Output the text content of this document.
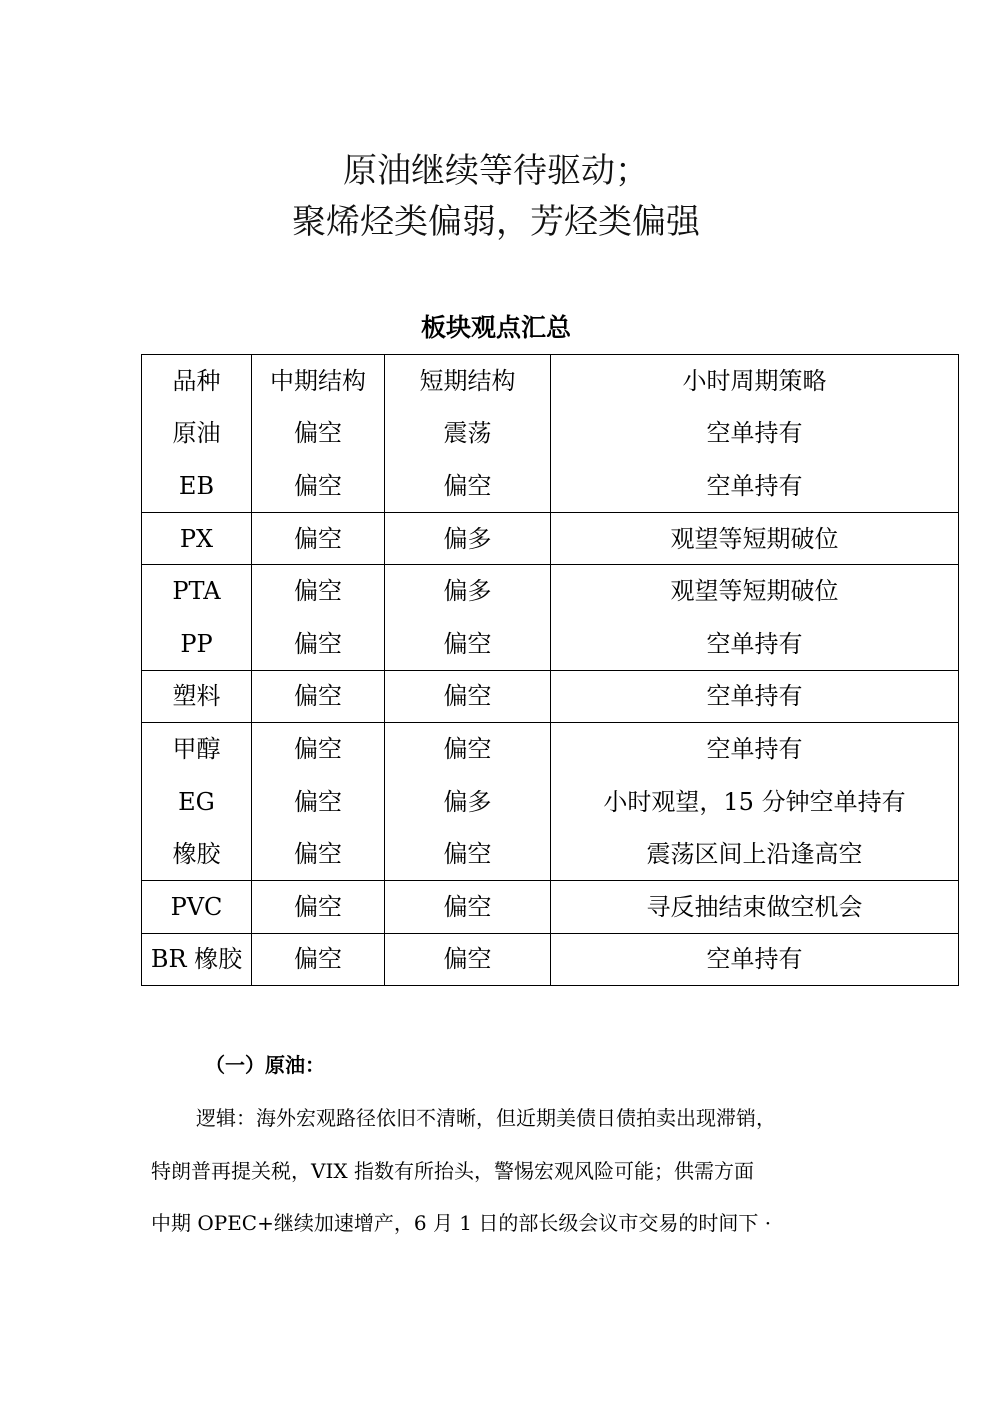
原油继续等待驱动；
聚烯烃类偏弱，芳烃类偏强
板块观点汇总
品种	中期结构	短期结构	小时周期策略
原油	偏空	震荡	空单持有
EB	偏空	偏空	空单持有
PX	偏空	偏多	观望等短期破位
PTA	偏空	偏多	观望等短期破位
PP	偏空	偏空	空单持有
塑料	偏空	偏空	空单持有
甲醇	偏空	偏空	空单持有
EG	偏空	偏多	小时观望，15 分钟空单持有
橡胶	偏空	偏空	震荡区间上沿逢高空
PVC	偏空	偏空	寻反抽结束做空机会
BR 橡胶	偏空	偏空	空单持有
（一）原油：
逻辑：海外宏观路径依旧不清晰，但近期美债日债拍卖出现滞销，
特朗普再提关税，VIX 指数有所抬头，警惕宏观风险可能；供需方面
中期 OPEC+继续加速增产，6 月 1 日的部长级会议市交易的时间下 ·
